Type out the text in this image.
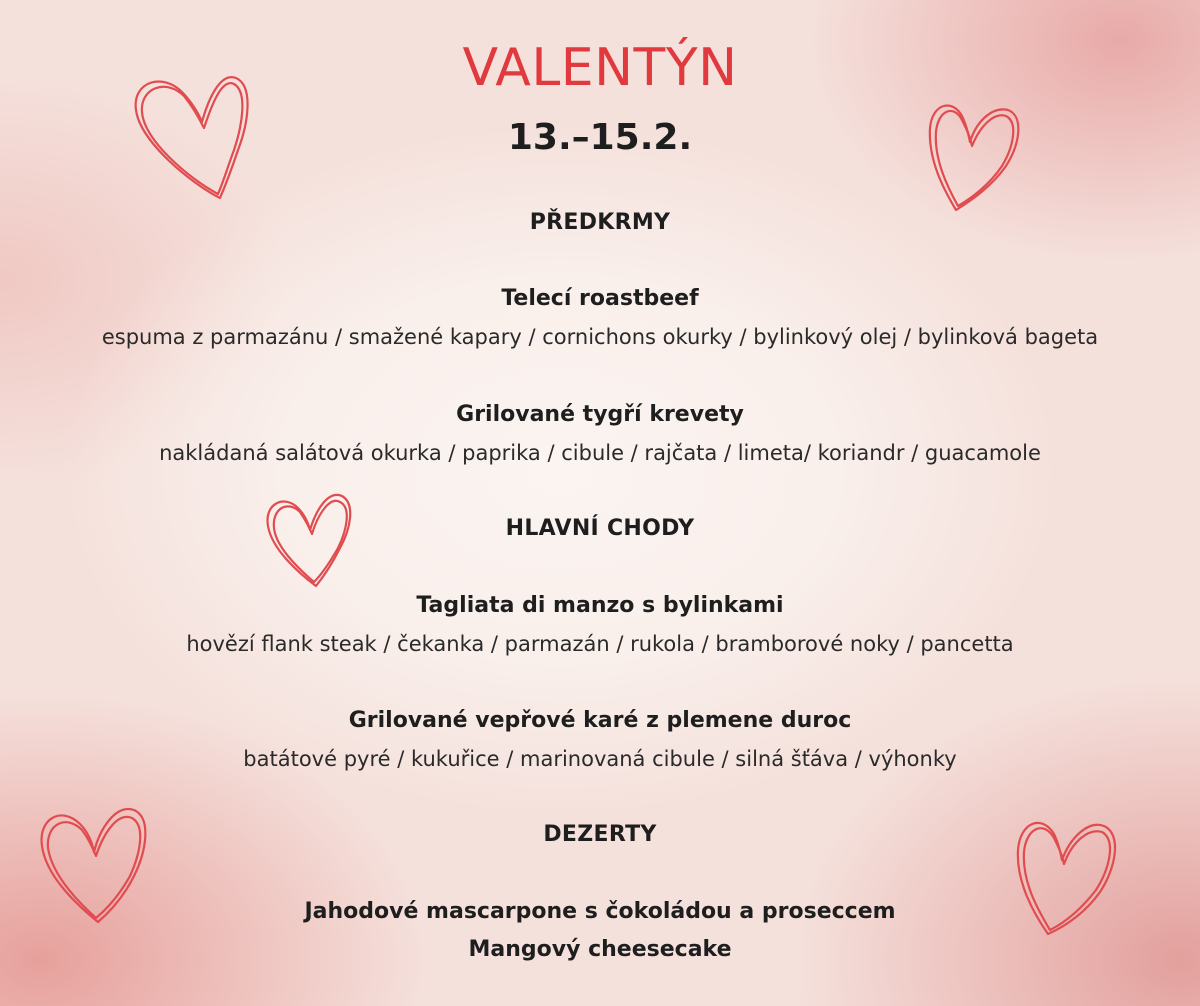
VALENTÝN
13.–15.2.
PŘEDKRMY
Telecí roastbeef
espuma z parmazánu / smažené kapary / cornichons okurky / bylinkový olej / bylinková bageta
Grilované tygří krevety
nakládaná salátová okurka / paprika / cibule / rajčata / limeta/ koriandr / guacamole
HLAVNÍ CHODY
Tagliata di manzo s bylinkami
hovězí flank steak / čekanka / parmazán / rukola / bramborové noky / pancetta
Grilované vepřové karé z plemene duroc
batátové pyré / kukuřice / marinovaná cibule / silná šťáva / výhonky
DEZERTY
Jahodové mascarpone s čokoládou a proseccem
Mangový cheesecake
